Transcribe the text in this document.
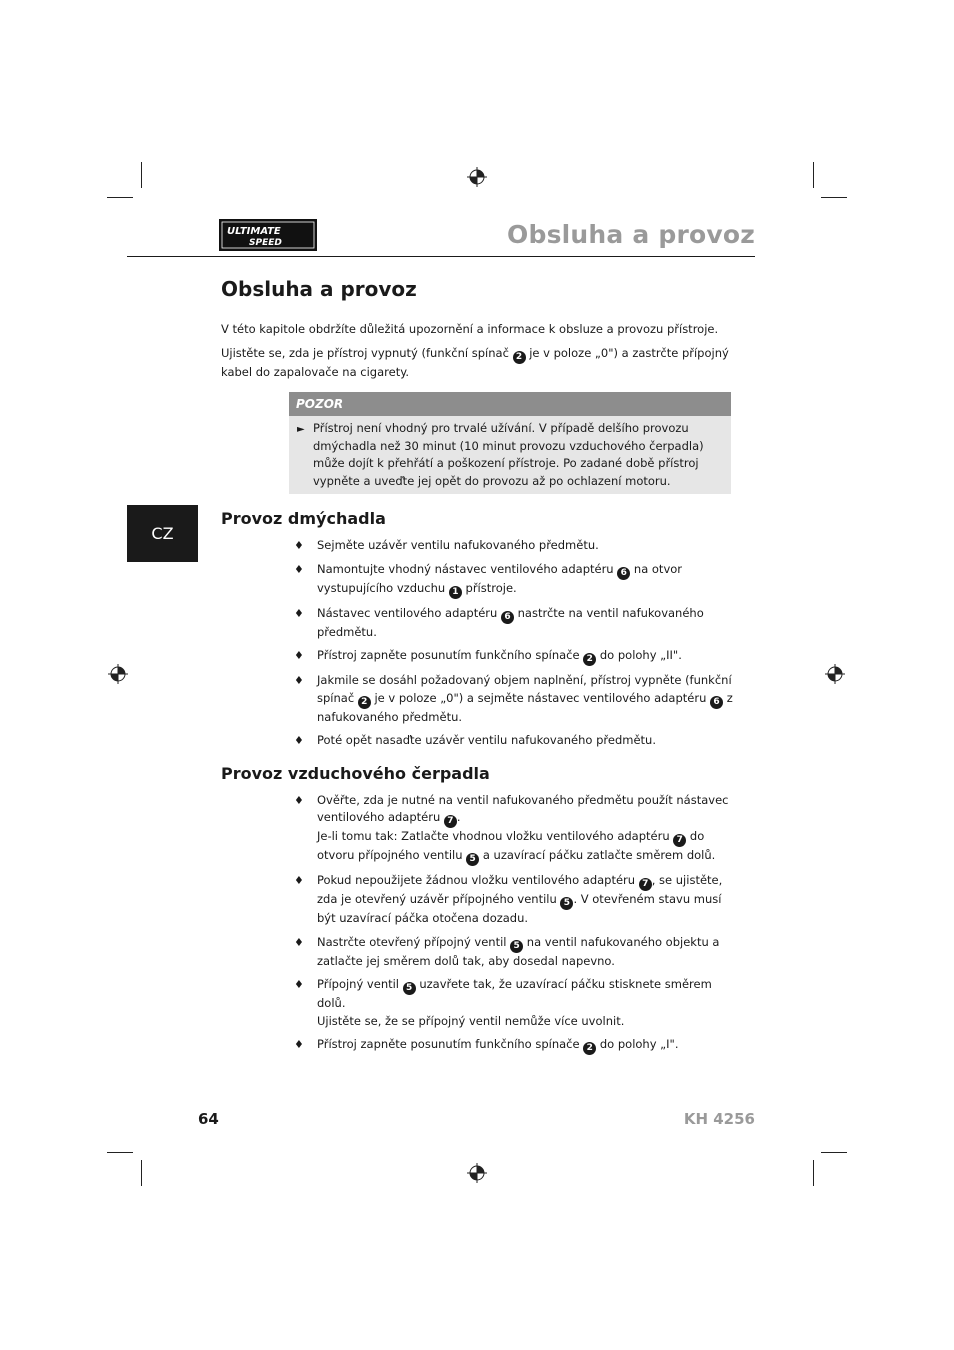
ULTIMATE
SPEED	Obsluha a provoz
CZ
Obsluha a provoz

V této kapitole obdržíte důležitá upozornění a informace k obsluze a provozu přístroje.

Ujistěte se, zda je přístroj vypnutý (funkční spínač 2 je v poloze „0") a zastrčte přípojný kabel do zapalovače na cigarety.

POZOR
► Přístroj není vhodný pro trvalé užívání. V případě delšího provozu dmýchadla než 30 minut (10 minut provozu vzduchového čerpadla) může dojít k přehřátí a poškození přístroje. Po zadané době přístroj vypněte a uveďte jej opět do provozu až po ochlazení motoru.
Provoz dmýchadla
♦ Sejměte uzávěr ventilu nafukovaného předmětu.
♦ Namontujte vhodný nástavec ventilového adaptéru 6 na otvor vystupujícího vzduchu 1 přístroje.
♦ Nástavec ventilového adaptéru 6 nastrčte na ventil nafukovaného předmětu.
♦ Přístroj zapněte posunutím funkčního spínače 2 do polohy „II".
♦ Jakmile se dosáhl požadovaný objem naplnění, přístroj vypněte (funkční spínač 2 je v poloze „0") a sejměte nástavec ventilového adaptéru 6 z nafukovaného předmětu.
♦ Poté opět nasaďte uzávěr ventilu nafukovaného předmětu.
Provoz vzduchového čerpadla
♦ Ověřte, zda je nutné na ventil nafukovaného předmětu použít nástavec ventilového adaptéru 7 .
Je-li tomu tak: Zatlačte vhodnou vložku ventilového adaptéru 7 do otvoru přípojného ventilu 5 a uzavírací páčku zatlačte směrem dolů.
♦ Pokud nepoužijete žádnou vložku ventilového adaptéru 7 , se ujistěte, zda je otevřený uzávěr přípojného ventilu 5 . V otevřeném stavu musí být uzavírací páčka otočena dozadu.
♦ Nastrčte otevřený přípojný ventil 5 na ventil nafukovaného objektu a zatlačte jej směrem dolů tak, aby dosedal napevno.
♦ Přípojný ventil 5 uzavřete tak, že uzavírací páčku stisknete směrem dolů.
Ujistěte se, že se přípojný ventil nemůže více uvolnit.
♦ Přístroj zapněte posunutím funkčního spínače 2 do polohy „I".
64	KH 4256
